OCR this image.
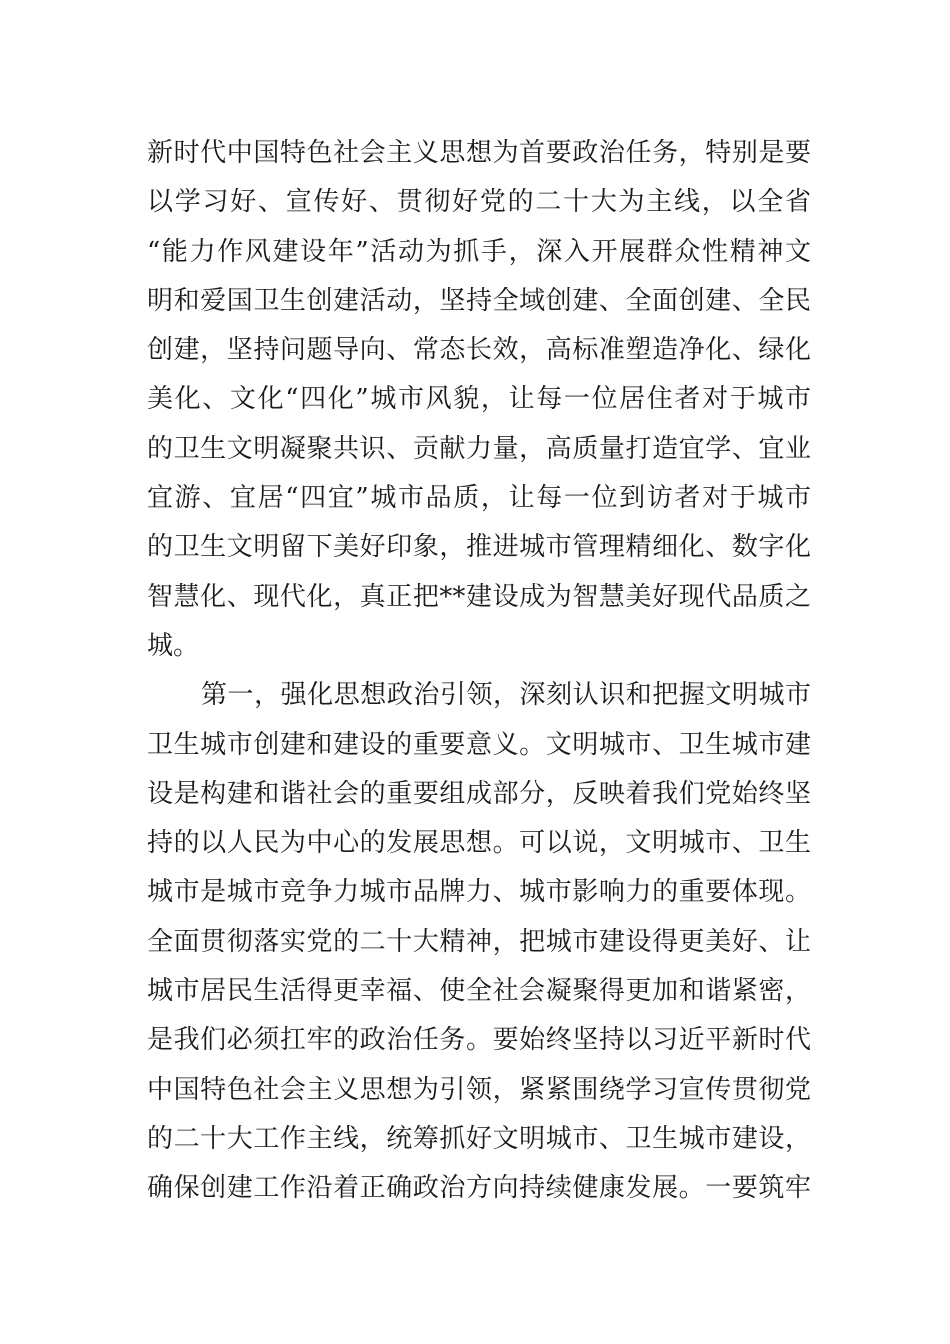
新时代中国特色社会主义思想为首要政治任务，特别是要
以学习好、宣传好、贯彻好党的二十大为主线，以全省
“能力作风建设年”活动为抓手，深入开展群众性精神文
明和爱国卫生创建活动，坚持全域创建、全面创建、全民
创建，坚持问题导向、常态长效，高标准塑造净化、绿化
美化、文化“四化”城市风貌，让每一位居住者对于城市
的卫生文明凝聚共识、贡献力量，高质量打造宜学、宜业
宜游、宜居“四宜”城市品质，让每一位到访者对于城市
的卫生文明留下美好印象，推进城市管理精细化、数字化
智慧化、现代化，真正把**建设成为智慧美好现代品质之
城。
第一，强化思想政治引领，深刻认识和把握文明城市
卫生城市创建和建设的重要意义。文明城市、卫生城市建
设是构建和谐社会的重要组成部分，反映着我们党始终坚
持的以人民为中心的发展思想。可以说，文明城市、卫生
城市是城市竞争力城市品牌力、城市影响力的重要体现。
全面贯彻落实党的二十大精神，把城市建设得更美好、让
城市居民生活得更幸福、使全社会凝聚得更加和谐紧密，
是我们必须扛牢的政治任务。要始终坚持以习近平新时代
中国特色社会主义思想为引领，紧紧围绕学习宣传贯彻党
的二十大工作主线，统筹抓好文明城市、卫生城市建设，
确保创建工作沿着正确政治方向持续健康发展。一要筑牢
